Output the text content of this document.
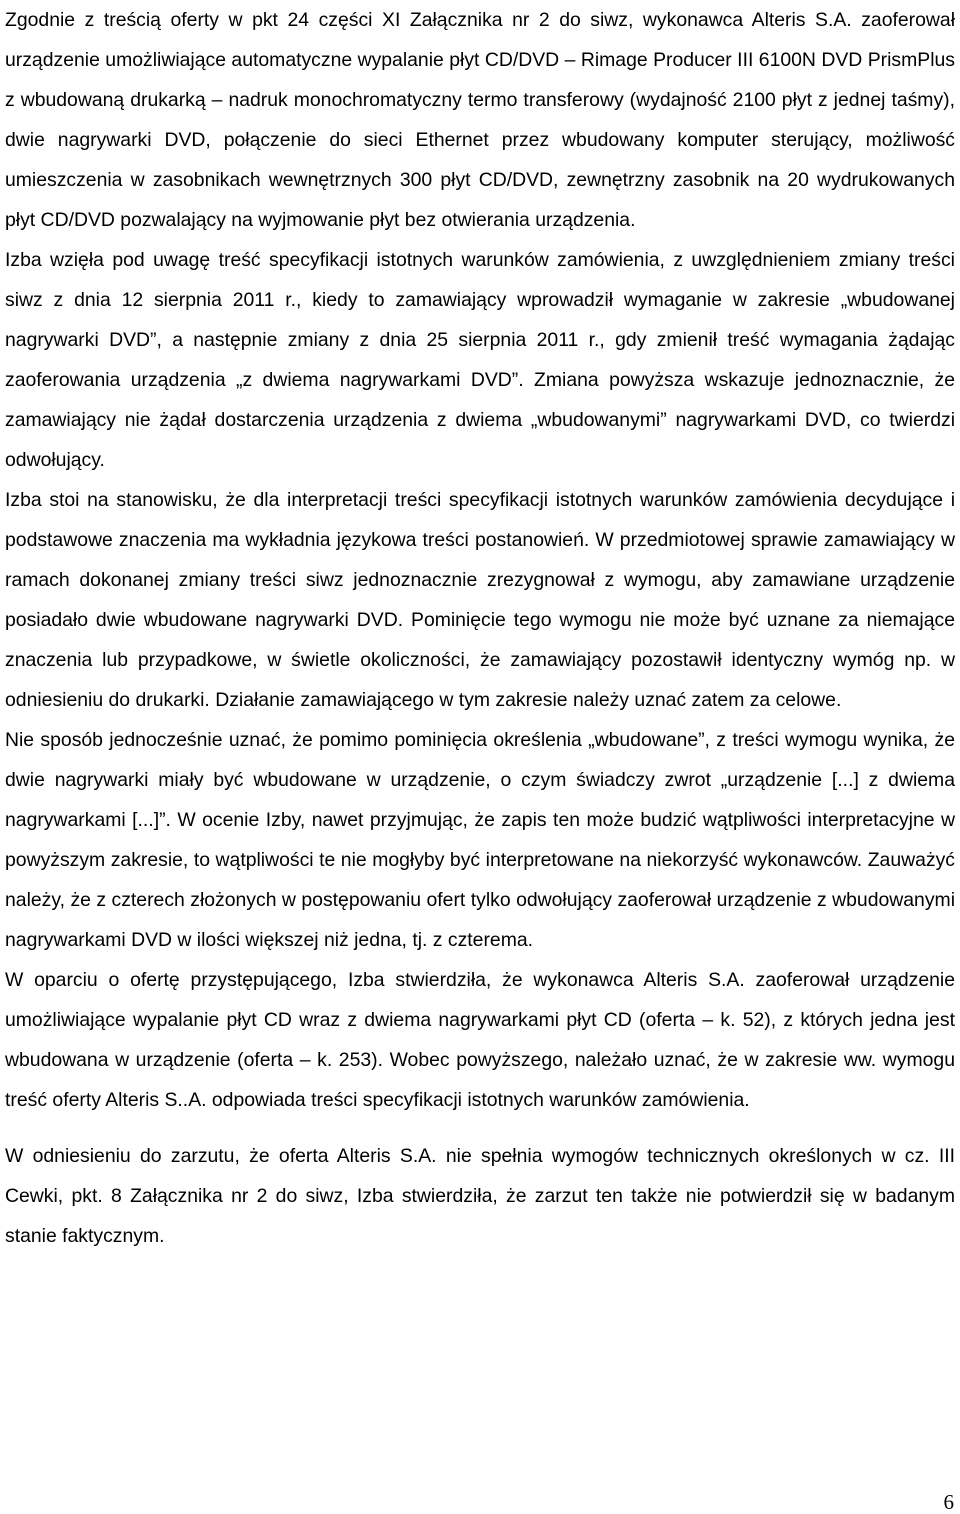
Zgodnie z treścią oferty w pkt 24 części XI Załącznika nr 2 do siwz, wykonawca Alteris S.A. zaoferował urządzenie umożliwiające automatyczne wypalanie płyt CD/DVD – Rimage Producer III 6100N DVD PrismPlus z wbudowaną drukarką – nadruk monochromatyczny termo transferowy (wydajność 2100 płyt z jednej taśmy), dwie nagrywarki DVD, połączenie do sieci Ethernet przez wbudowany komputer sterujący, możliwość umieszczenia w zasobnikach wewnętrznych 300 płyt CD/DVD, zewnętrzny zasobnik na 20 wydrukowanych płyt CD/DVD pozwalający na wyjmowanie płyt bez otwierania urządzenia.

Izba wzięła pod uwagę treść specyfikacji istotnych warunków zamówienia, z uwzględnieniem zmiany treści siwz z dnia 12 sierpnia 2011 r., kiedy to zamawiający wprowadził wymaganie w zakresie „wbudowanej nagrywarki DVD”, a następnie zmiany z dnia 25 sierpnia 2011 r., gdy zmienił treść wymagania żądając zaoferowania urządzenia „z dwiema nagrywarkami DVD”. Zmiana powyższa wskazuje jednoznacznie, że zamawiający nie żądał dostarczenia urządzenia z dwiema „wbudowanymi” nagrywarkami DVD, co twierdzi odwołujący.

Izba stoi na stanowisku, że dla interpretacji treści specyfikacji istotnych warunków zamówienia decydujące i podstawowe znaczenia ma wykładnia językowa treści postanowień. W przedmiotowej sprawie zamawiający w ramach dokonanej zmiany treści siwz jednoznacznie zrezygnował z wymogu, aby zamawiane urządzenie posiadało dwie wbudowane nagrywarki DVD. Pominięcie tego wymogu nie może być uznane za niemające znaczenia lub przypadkowe, w świetle okoliczności, że zamawiający pozostawił identyczny wymóg np. w odniesieniu do drukarki. Działanie zamawiającego w tym zakresie należy uznać zatem za celowe.

Nie sposób jednocześnie uznać, że pomimo pominięcia określenia „wbudowane”, z treści wymogu wynika, że dwie nagrywarki miały być wbudowane w urządzenie, o czym świadczy zwrot „urządzenie [...] z dwiema nagrywarkami [...]”. W ocenie Izby, nawet przyjmując, że zapis ten może budzić wątpliwości interpretacyjne w powyższym zakresie, to wątpliwości te nie mogłyby być interpretowane na niekorzyść wykonawców. Zauważyć należy, że z czterech złożonych w postępowaniu ofert tylko odwołujący zaoferował urządzenie z wbudowanymi nagrywarkami DVD w ilości większej niż jedna, tj. z czterema.

W oparciu o ofertę przystępującego, Izba stwierdziła, że wykonawca Alteris S.A. zaoferował urządzenie umożliwiające wypalanie płyt CD wraz z dwiema nagrywarkami płyt CD (oferta – k. 52), z których jedna jest wbudowana w urządzenie (oferta – k. 253). Wobec powyższego, należało uznać, że w zakresie ww. wymogu treść oferty Alteris S..A. odpowiada treści specyfikacji istotnych warunków zamówienia.

W odniesieniu do zarzutu, że oferta Alteris S.A. nie spełnia wymogów technicznych określonych w cz. III Cewki, pkt. 8 Załącznika nr 2 do siwz, Izba stwierdziła, że zarzut ten także nie potwierdził się w badanym stanie faktycznym.

6
